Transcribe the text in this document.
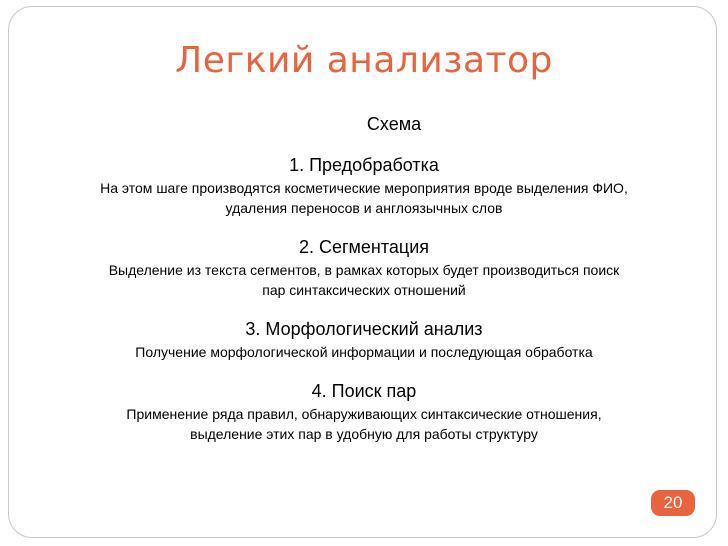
Легкий анализатор
Схема
1. Предобработка
На этом шаге производятся косметические мероприятия вроде выделения ФИО,
удаления переносов и англоязычных слов
2. Сегментация
Выделение из текста сегментов, в рамках которых будет производиться поиск
пар синтаксических отношений
3. Морфологический анализ
Получение морфологической информации и последующая обработка
4. Поиск пар
Применение ряда правил, обнаруживающих синтаксические отношения,
выделение этих пар в удобную для работы структуру
20
